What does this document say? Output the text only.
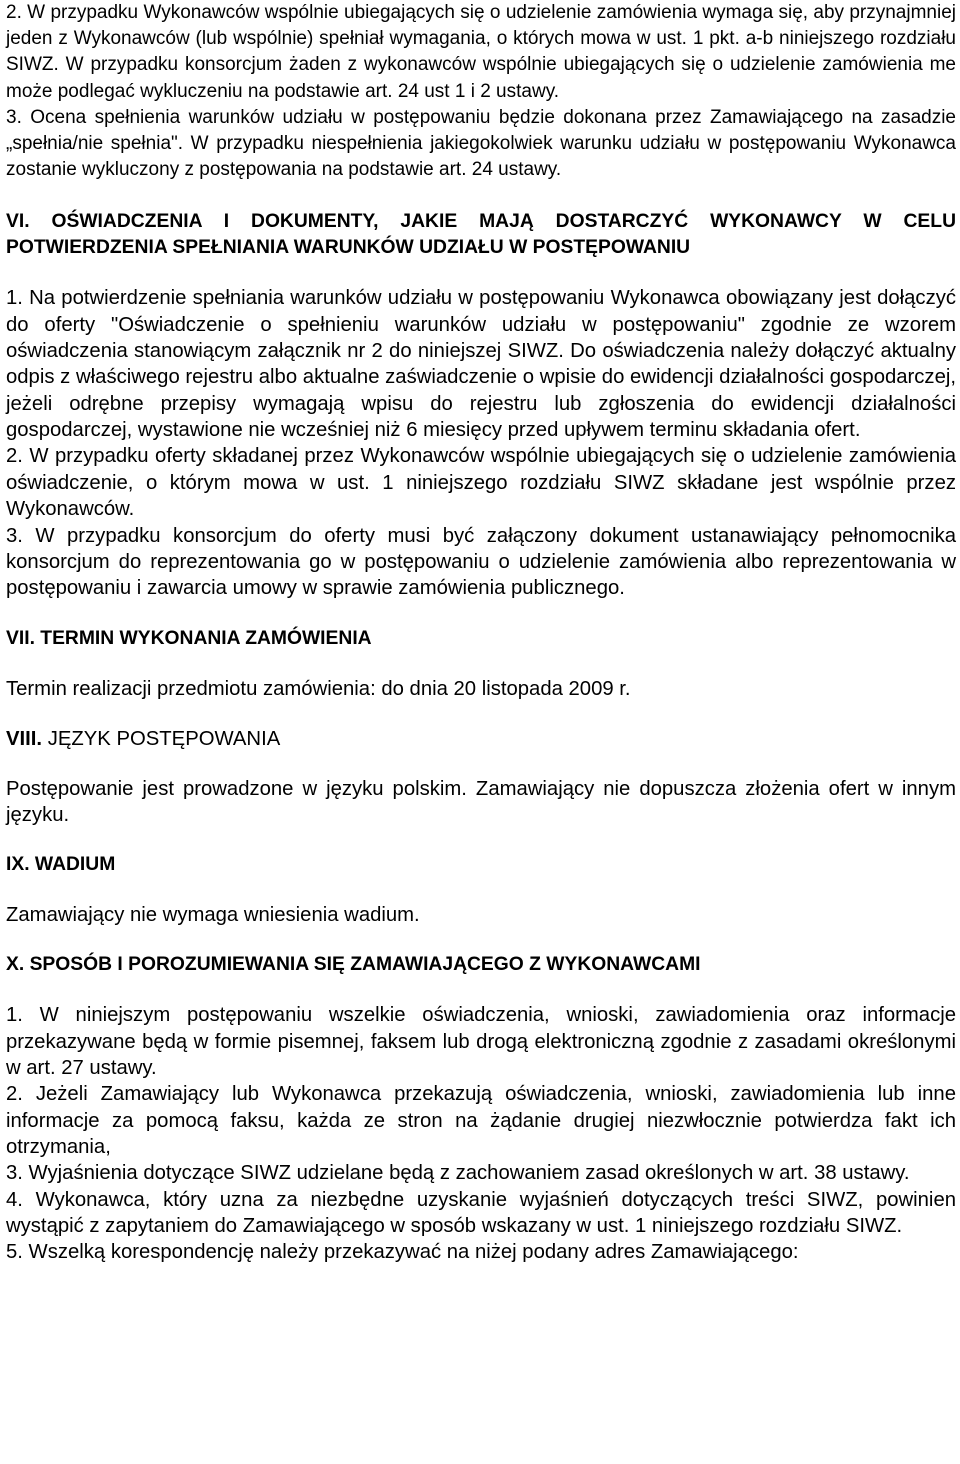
2. W przypadku Wykonawców wspólnie ubiegających się o udzielenie zamówienia wymaga się, aby przynajmniej jeden z Wykonawców (lub wspólnie) spełniał wymagania, o których mowa w ust. 1 pkt. a-b niniejszego rozdziału SIWZ. W przypadku konsorcjum żaden z wykonawców wspólnie ubiegających się o udzielenie zamówienia me może podlegać wykluczeniu na podstawie art. 24 ust 1 i 2 ustawy.

3. Ocena spełnienia warunków udziału w postępowaniu będzie dokonana przez Zamawiającego na zasadzie „spełnia/nie spełnia". W przypadku niespełnienia jakiegokolwiek warunku udziału w postępowaniu Wykonawca zostanie wykluczony z postępowania na podstawie art. 24 ustawy.

VI. OŚWIADCZENIA I DOKUMENTY, JAKIE MAJĄ DOSTARCZYĆ WYKONAWCY W CELU POTWIERDZENIA SPEŁNIANIA WARUNKÓW UDZIAŁU W POSTĘPOWANIU

1. Na potwierdzenie spełniania warunków udziału w postępowaniu Wykonawca obowiązany jest dołączyć do oferty "Oświadczenie o spełnieniu warunków udziału w postępowaniu" zgodnie ze wzorem oświadczenia stanowiącym załącznik nr 2 do niniejszej SIWZ. Do oświadczenia należy dołączyć aktualny odpis z właściwego rejestru albo aktualne zaświadczenie o wpisie do ewidencji działalności gospodarczej, jeżeli odrębne przepisy wymagają wpisu do rejestru lub zgłoszenia do ewidencji działalności gospodarczej, wystawione nie wcześniej niż 6 miesięcy przed upływem terminu składania ofert.

2. W przypadku oferty składanej przez Wykonawców wspólnie ubiegających się o udzielenie zamówienia oświadczenie, o którym mowa w ust. 1 niniejszego rozdziału SIWZ składane jest wspólnie przez Wykonawców.

3. W przypadku konsorcjum do oferty musi być załączony dokument ustanawiający pełnomocnika konsorcjum do reprezentowania go w postępowaniu o udzielenie zamówienia albo reprezentowania w postępowaniu i zawarcia umowy w sprawie zamówienia publicznego.

VII. TERMIN WYKONANIA ZAMÓWIENIA

Termin realizacji przedmiotu zamówienia: do dnia 20 listopada 2009 r.

VIII. JĘZYK POSTĘPOWANIA

Postępowanie jest prowadzone w języku polskim. Zamawiający nie dopuszcza złożenia ofert w innym języku.

IX. WADIUM

Zamawiający nie wymaga wniesienia wadium.

X. SPOSÓB I POROZUMIEWANIA SIĘ ZAMAWIAJĄCEGO Z WYKONAWCAMI

1. W niniejszym postępowaniu wszelkie oświadczenia, wnioski, zawiadomienia oraz informacje przekazywane będą w formie pisemnej, faksem lub drogą elektroniczną zgodnie z zasadami określonymi w art. 27 ustawy.

2. Jeżeli Zamawiający lub Wykonawca przekazują oświadczenia, wnioski, zawiadomienia lub inne informacje za pomocą faksu, każda ze stron na żądanie drugiej niezwłocznie potwierdza fakt ich otrzymania,

3. Wyjaśnienia dotyczące SIWZ udzielane będą z zachowaniem zasad określonych w art. 38 ustawy.

4. Wykonawca, który uzna za niezbędne uzyskanie wyjaśnień dotyczących treści SIWZ, powinien wystąpić z zapytaniem do Zamawiającego w sposób wskazany w ust. 1 niniejszego rozdziału SIWZ.

5. Wszelką korespondencję należy przekazywać na niżej podany adres Zamawiającego:
